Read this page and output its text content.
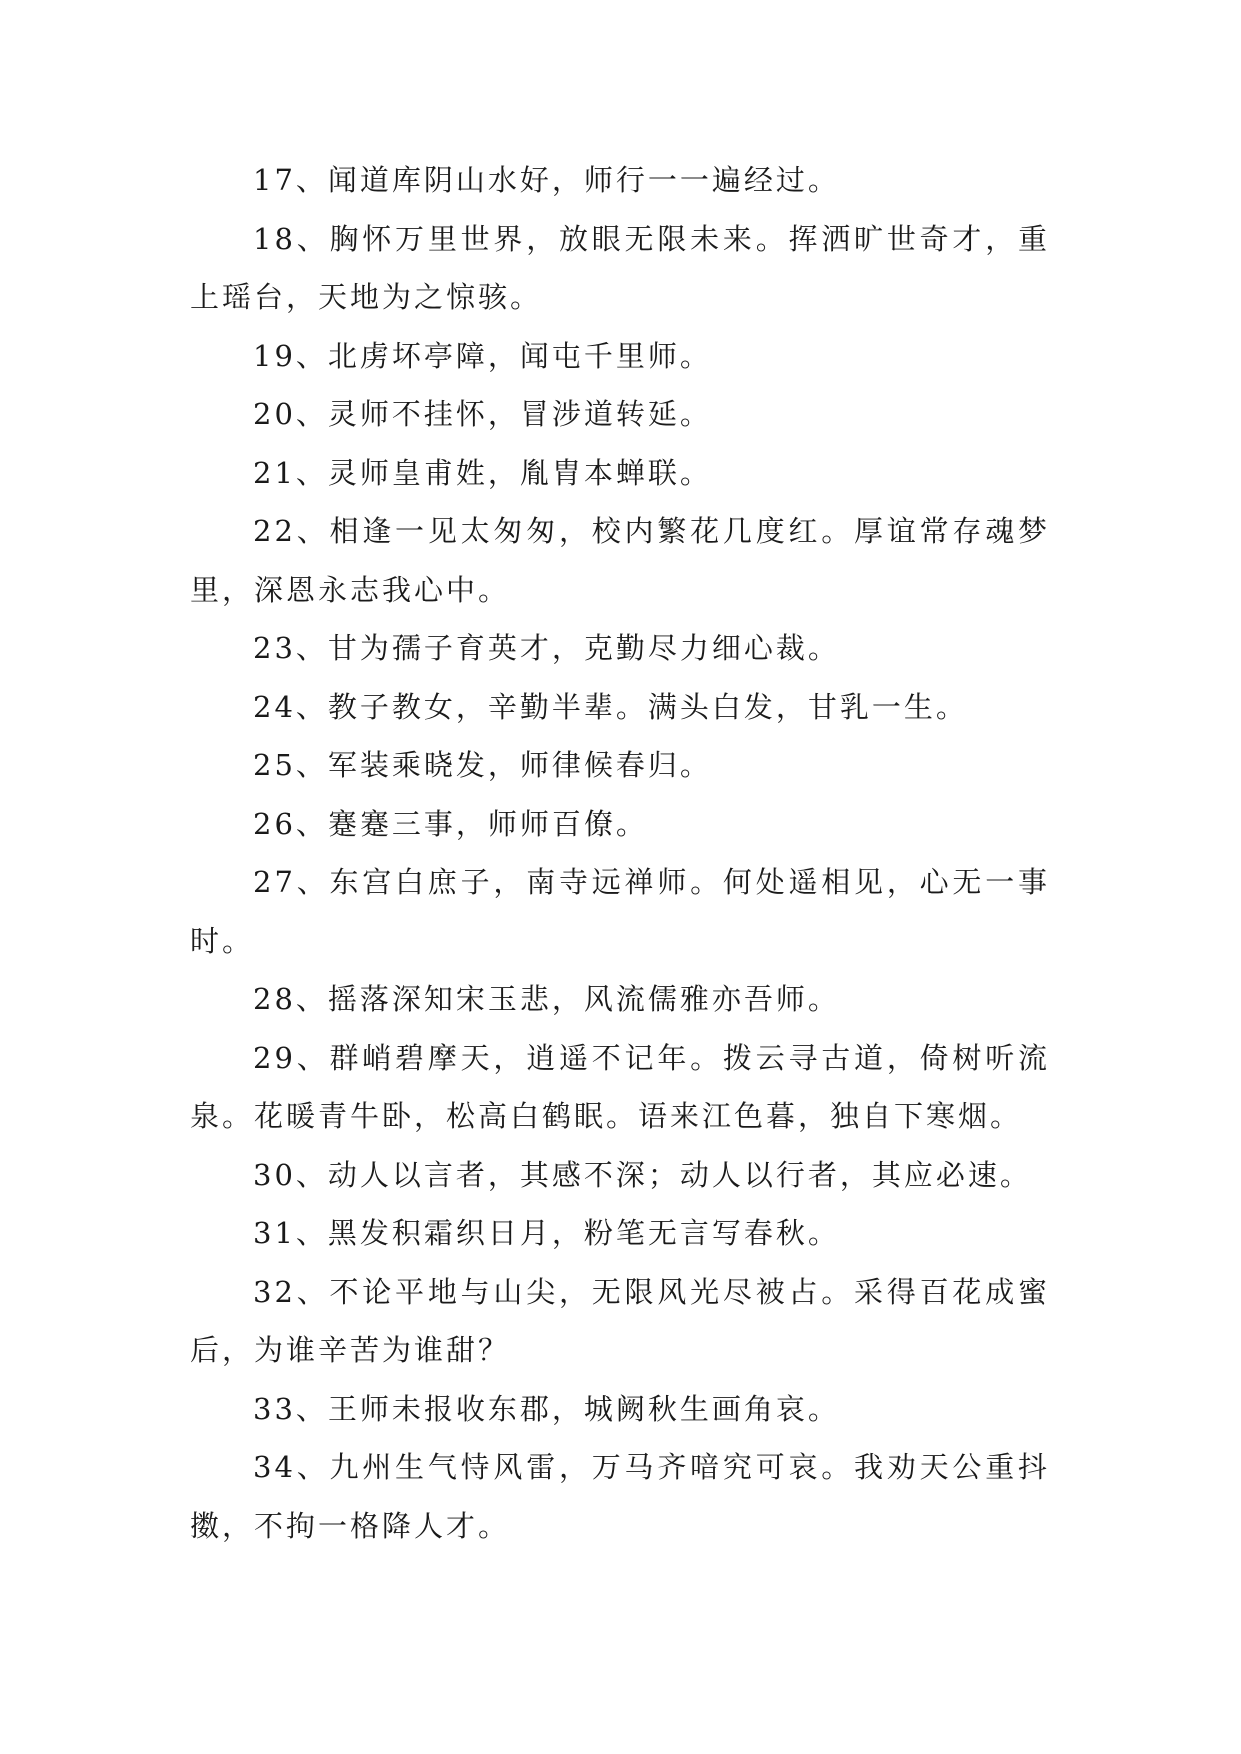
17、闻道库阴山水好，师行一一遍经过。

18、胸怀万里世界，放眼无限未来。挥洒旷世奇才，重上瑶台，天地为之惊骇。

19、北虏坏亭障，闻屯千里师。

20、灵师不挂怀，冒涉道转延。

21、灵师皇甫姓，胤胄本蝉联。

22、相逢一见太匆匆，校内繁花几度红。厚谊常存魂梦里，深恩永志我心中。

23、甘为孺子育英才，克勤尽力细心裁。

24、教子教女，辛勤半辈。满头白发，甘乳一生。

25、军装乘晓发，师律候春归。

26、蹇蹇三事，师师百僚。

27、东宫白庶子，南寺远禅师。何处遥相见，心无一事时。

28、摇落深知宋玉悲，风流儒雅亦吾师。

29、群峭碧摩天，逍遥不记年。拨云寻古道，倚树听流泉。花暖青牛卧，松高白鹤眠。语来江色暮，独自下寒烟。

30、动人以言者，其感不深；动人以行者，其应必速。

31、黑发积霜织日月，粉笔无言写春秋。

32、不论平地与山尖，无限风光尽被占。采得百花成蜜后，为谁辛苦为谁甜？

33、王师未报收东郡，城阙秋生画角哀。

34、九州生气恃风雷，万马齐喑究可哀。我劝天公重抖擞，不拘一格降人才。
